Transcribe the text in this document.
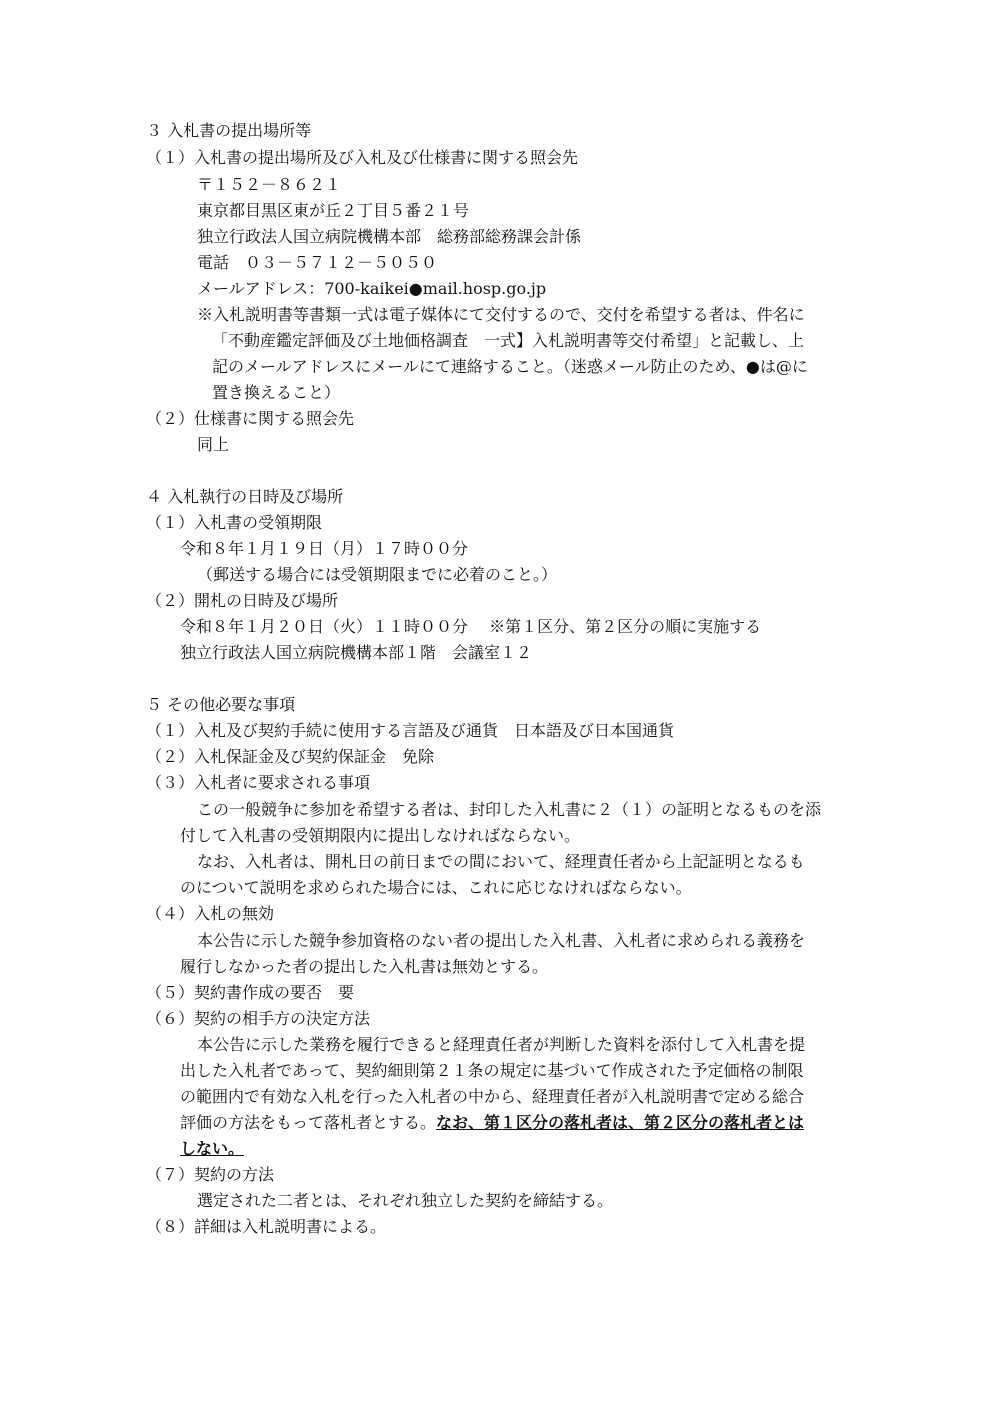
３ 入札書の提出場所等
（１）入札書の提出場所及び入札及び仕様書に関する照会先
〒１５２－８６２１
東京都目黒区東が丘２丁目５番２１号
独立行政法人国立病院機構本部　総務部総務課会計係
電話　０３－５７１２－５０５０
メールアドレス：700-kaikei●mail.hosp.go.jp
※入札説明書等書類一式は電子媒体にて交付するので、交付を希望する者は、件名に
「不動産鑑定評価及び土地価格調査　一式】入札説明書等交付希望」と記載し、上
記のメールアドレスにメールにて連絡すること。（迷惑メール防止のため、●は@に
置き換えること）
（２）仕様書に関する照会先
同上
４ 入札執行の日時及び場所
（１）入札書の受領期限
令和８年１月１９日（月）１７時００分
（郵送する場合には受領期限までに必着のこと。）
（２）開札の日時及び場所
令和８年１月２０日（火）１１時００分　 ※第１区分、第２区分の順に実施する
独立行政法人国立病院機構本部１階　会議室１２
５ その他必要な事項
（１）入札及び契約手続に使用する言語及び通貨　日本語及び日本国通貨
（２）入札保証金及び契約保証金　免除
（３）入札者に要求される事項
この一般競争に参加を希望する者は、封印した入札書に２（１）の証明となるものを添
付して入札書の受領期限内に提出しなければならない。
なお、入札者は、開札日の前日までの間において、経理責任者から上記証明となるも
のについて説明を求められた場合には、これに応じなければならない。
（４）入札の無効
本公告に示した競争参加資格のない者の提出した入札書、入札者に求められる義務を
履行しなかった者の提出した入札書は無効とする。
（５）契約書作成の要否　要
（６）契約の相手方の決定方法
本公告に示した業務を履行できると経理責任者が判断した資料を添付して入札書を提
出した入札者であって、契約細則第２１条の規定に基づいて作成された予定価格の制限
の範囲内で有効な入札を行った入札者の中から、経理責任者が入札説明書で定める総合
評価の方法をもって落札者とする。なお、第１区分の落札者は、第２区分の落札者とは
しない。
（７）契約の方法
選定された二者とは、それぞれ独立した契約を締結する。
（８）詳細は入札説明書による。
